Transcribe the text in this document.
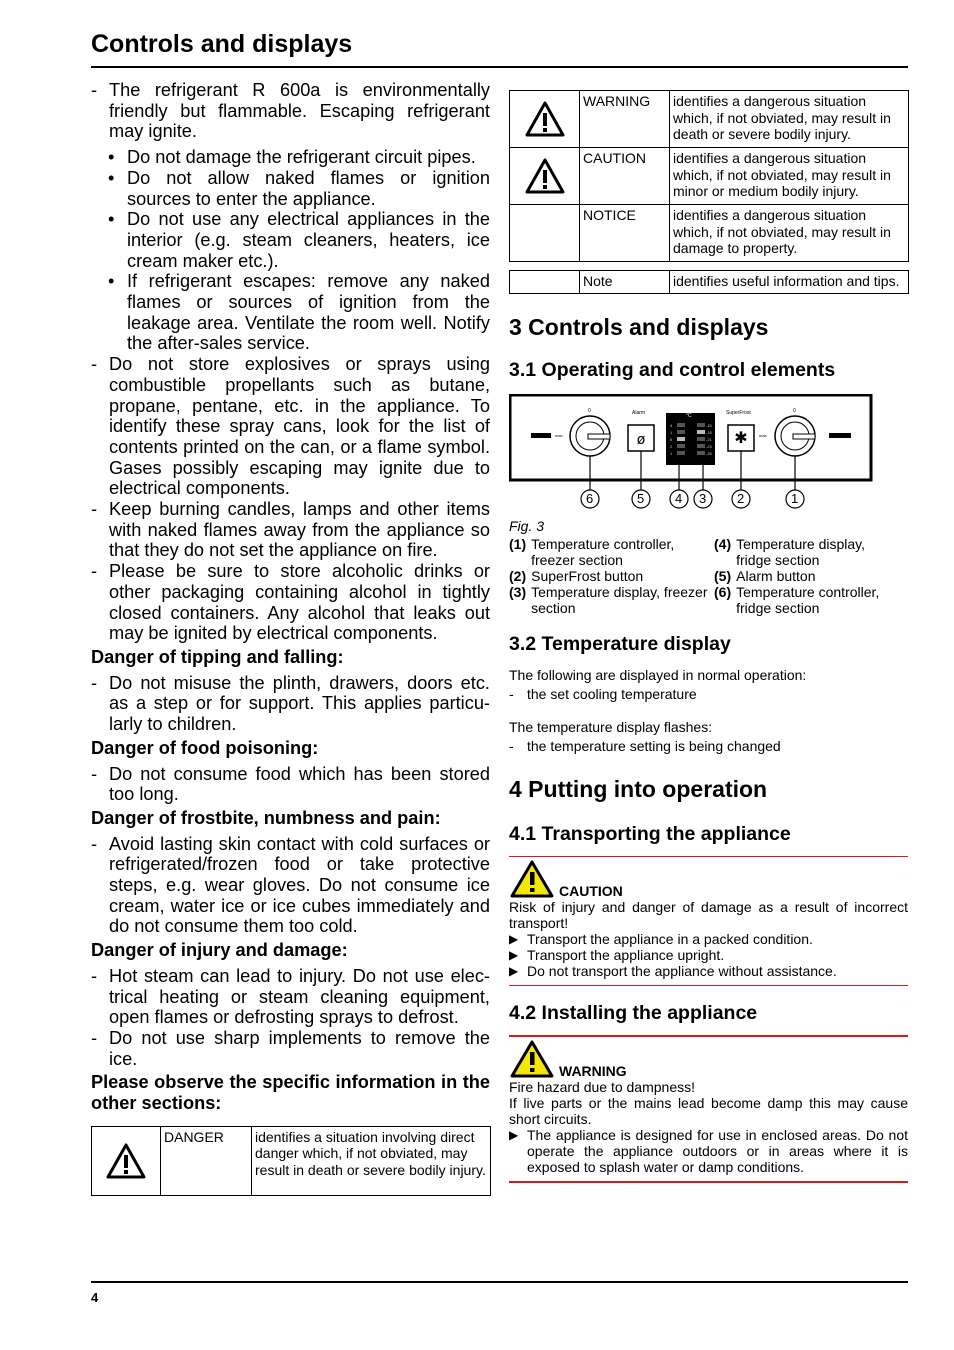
Controls and displays
- The refrigerant R 600a is environmentally friendly but flammable. Escaping refrigerant may ignite.
• Do not damage the refrigerant circuit pipes.
• Do not allow naked flames or ignition sources to enter the appliance.
• Do not use any electrical appliances in the interior (e.g. steam cleaners, heaters, ice cream maker etc.).
• If refrigerant escapes: remove any naked flames or sources of ignition from the leakage area. Ventilate the room well. Notify the after-sales service.
- Do not store explosives or sprays using combustible propellants such as butane, propane, pentane, etc. in the appliance. To identify these spray cans, look for the list of contents printed on the can, or a flame symbol. Gases possibly escaping may ignite due to electrical components.
- Keep burning candles, lamps and other items with naked flames away from the appliance so that they do not set the appliance on fire.
- Please be sure to store alcoholic drinks or other packaging containing alcohol in tightly closed containers. Any alcohol that leaks out may be ignited by electrical components.
Danger of tipping and falling:
- Do not misuse the plinth, drawers, doors etc. as a step or for support. This applies particu-larly to children.
Danger of food poisoning:
- Do not consume food which has been stored too long.
Danger of frostbite, numbness and pain:
- Avoid lasting skin contact with cold surfaces or refrigerated/frozen food or take protective steps, e.g. wear gloves. Do not consume ice cream, water ice or ice cubes immediately and do not consume them too cold.
Danger of injury and damage:
- Hot steam can lead to injury. Do not use elec-trical heating or steam cleaning equipment, open flames or defrosting sprays to defrost.
- Do not use sharp implements to remove the ice.
Please observe the specific information in the other sections:
	DANGER	identifies a situation involving direct danger which, if not obviated, may result in death or severe bodily injury.
	WARNING	identifies a dangerous situation which, if not obviated, may result in death or severe bodily injury.

	CAUTION	identifies a dangerous situation which, if not obviated, may result in minor or medium bodily injury.
	NOTICE	identifies a dangerous situation which, if not obviated, may result in damage to property.
	Note	identifies useful information and tips.
3 Controls and displays
3.1 Operating and control elements
✱
ø
Alarm	SuperFrost
°C
max.	max.
0	0
4
1
6
2
1
-15
-18
-21
-23
-26
6	5 4 3 2	1
Fig. 3
(1)	Temperature controller, freezer section
(2)	SuperFrost button
(3)	Temperature display, freezer section
(4)	Temperature display, fridge section
(5)	Alarm button
(6)	Temperature controller, fridge section
3.2 Temperature display
The following are displayed in normal operation:
- the set cooling temperature
The temperature display flashes:
- the temperature setting is being changed
4 Putting into operation
4.1 Transporting the appliance
CAUTION
Risk of injury and danger of damage as a result of incorrect transport!
▶ Transport the appliance in a packed condition.
▶ Transport the appliance upright.
▶ Do not transport the appliance without assistance.
4.2 Installing the appliance
WARNING
Fire hazard due to dampness!
If live parts or the mains lead become damp this may cause short circuits.
▶ The appliance is designed for use in enclosed areas. Do not operate the appliance outdoors or in areas where it is exposed to splash water or damp conditions.
4
